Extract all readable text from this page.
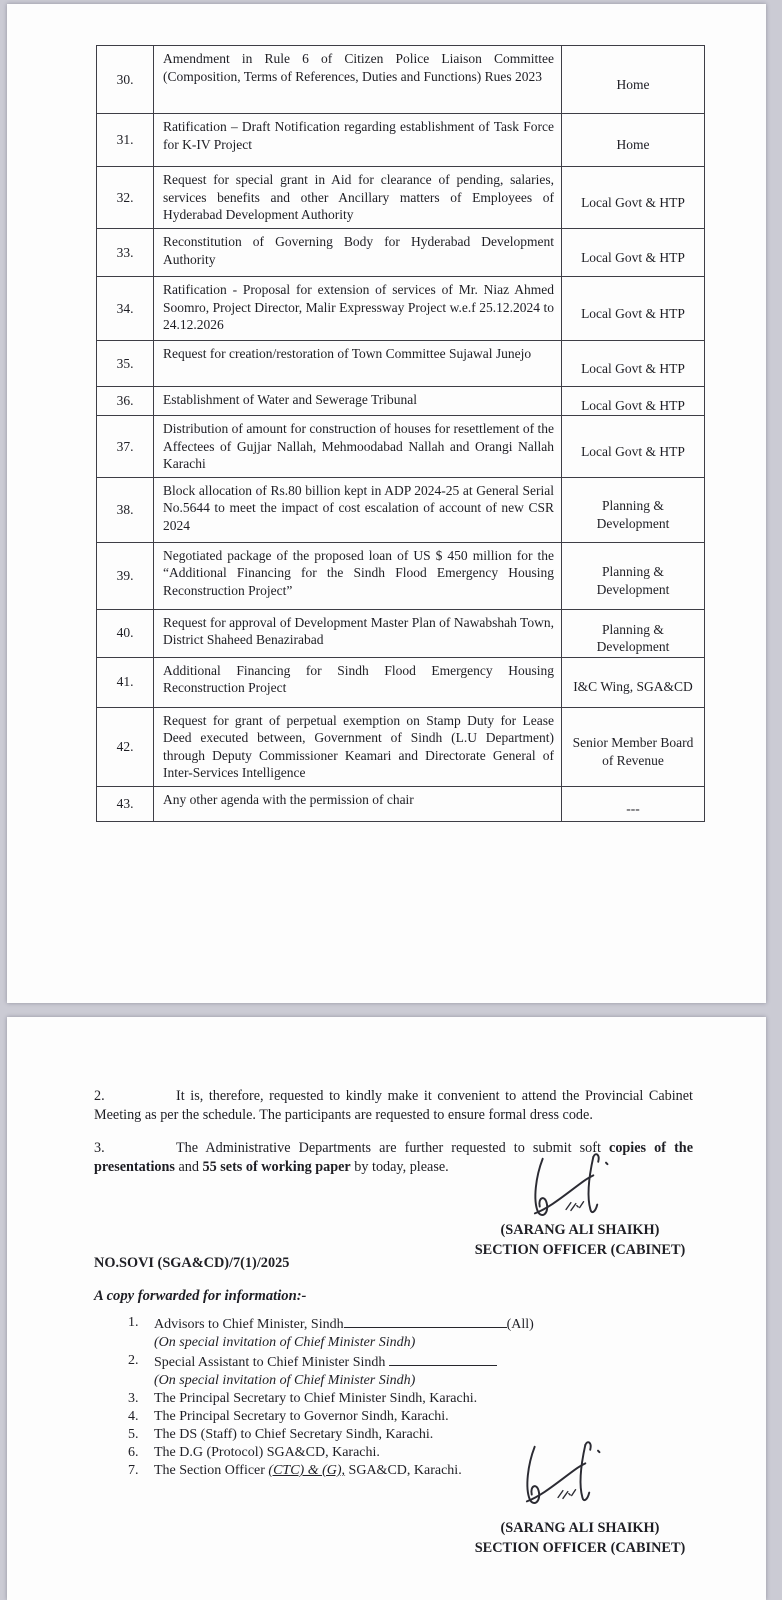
30.	Amendment in Rule 6 of Citizen Police Liaison Committee (Composition, Terms of References, Duties and Functions) Rues 2023	Home
31.	Ratification – Draft Notification regarding establishment of Task Force for K-IV Project	Home
32.	Request for special grant in Aid for clearance of pending, salaries, services benefits and other Ancillary matters of Employees of Hyderabad Development Authority	Local Govt & HTP
33.	Reconstitution of Governing Body for Hyderabad Development Authority	Local Govt & HTP
34.	Ratification - Proposal for extension of services of Mr. Niaz Ahmed Soomro, Project Director, Malir Expressway Project w.e.f 25.12.2024 to 24.12.2026	Local Govt & HTP
35.	Request for creation/restoration of Town Committee Sujawal Junejo	Local Govt & HTP
36.	Establishment of Water and Sewerage Tribunal	Local Govt & HTP
37.	Distribution of amount for construction of houses for resettlement of the Affectees of Gujjar Nallah, Mehmoodabad Nallah and Orangi Nallah Karachi	Local Govt & HTP
38.	Block allocation of Rs.80 billion kept in ADP 2024-25 at General Serial No.5644 to meet the impact of cost escalation of account of new CSR 2024	Planning & Development
39.	Negotiated package of the proposed loan of US $ 450 million for the “Additional Financing for the Sindh Flood Emergency Housing Reconstruction Project”	Planning & Development
40.	Request for approval of Development Master Plan of Nawabshah Town, District Shaheed Benazirabad	Planning & Development
41.	Additional Financing for Sindh Flood Emergency Housing Reconstruction Project	I&C Wing, SGA&CD
42.	Request for grant of perpetual exemption on Stamp Duty for Lease Deed executed between, Government of Sindh (L.U Department) through Deputy Commissioner Keamari and Directorate General of Inter-Services Intelligence	Senior Member Board of Revenue
43.	Any other agenda with the permission of chair	---
2.	It is, therefore, requested to kindly make it convenient to attend the Provincial Cabinet Meeting as per the schedule. The participants are requested to ensure formal dress code.
3.	The Administrative Departments are further requested to submit soft copies of the presentations and 55 sets of working paper by today, please.
(SARANG ALI SHAIKH)
SECTION OFFICER (CABINET)
NO.SOVI (SGA&CD)/7(1)/2025
A copy forwarded for information:-
1.	Advisors to Chief Minister, Sindh	(All)
(On special invitation of Chief Minister Sindh)
2.	Special Assistant to Chief Minister Sindh
(On special invitation of Chief Minister Sindh)
3.	The Principal Secretary to Chief Minister Sindh, Karachi.
4.	The Principal Secretary to Governor Sindh, Karachi.
5.	The DS (Staff) to Chief Secretary Sindh, Karachi.
6.	The D.G (Protocol) SGA&CD, Karachi.
7.	The Section Officer (CTC) & (G), SGA&CD, Karachi.
(SARANG ALI SHAIKH)
SECTION OFFICER (CABINET)
